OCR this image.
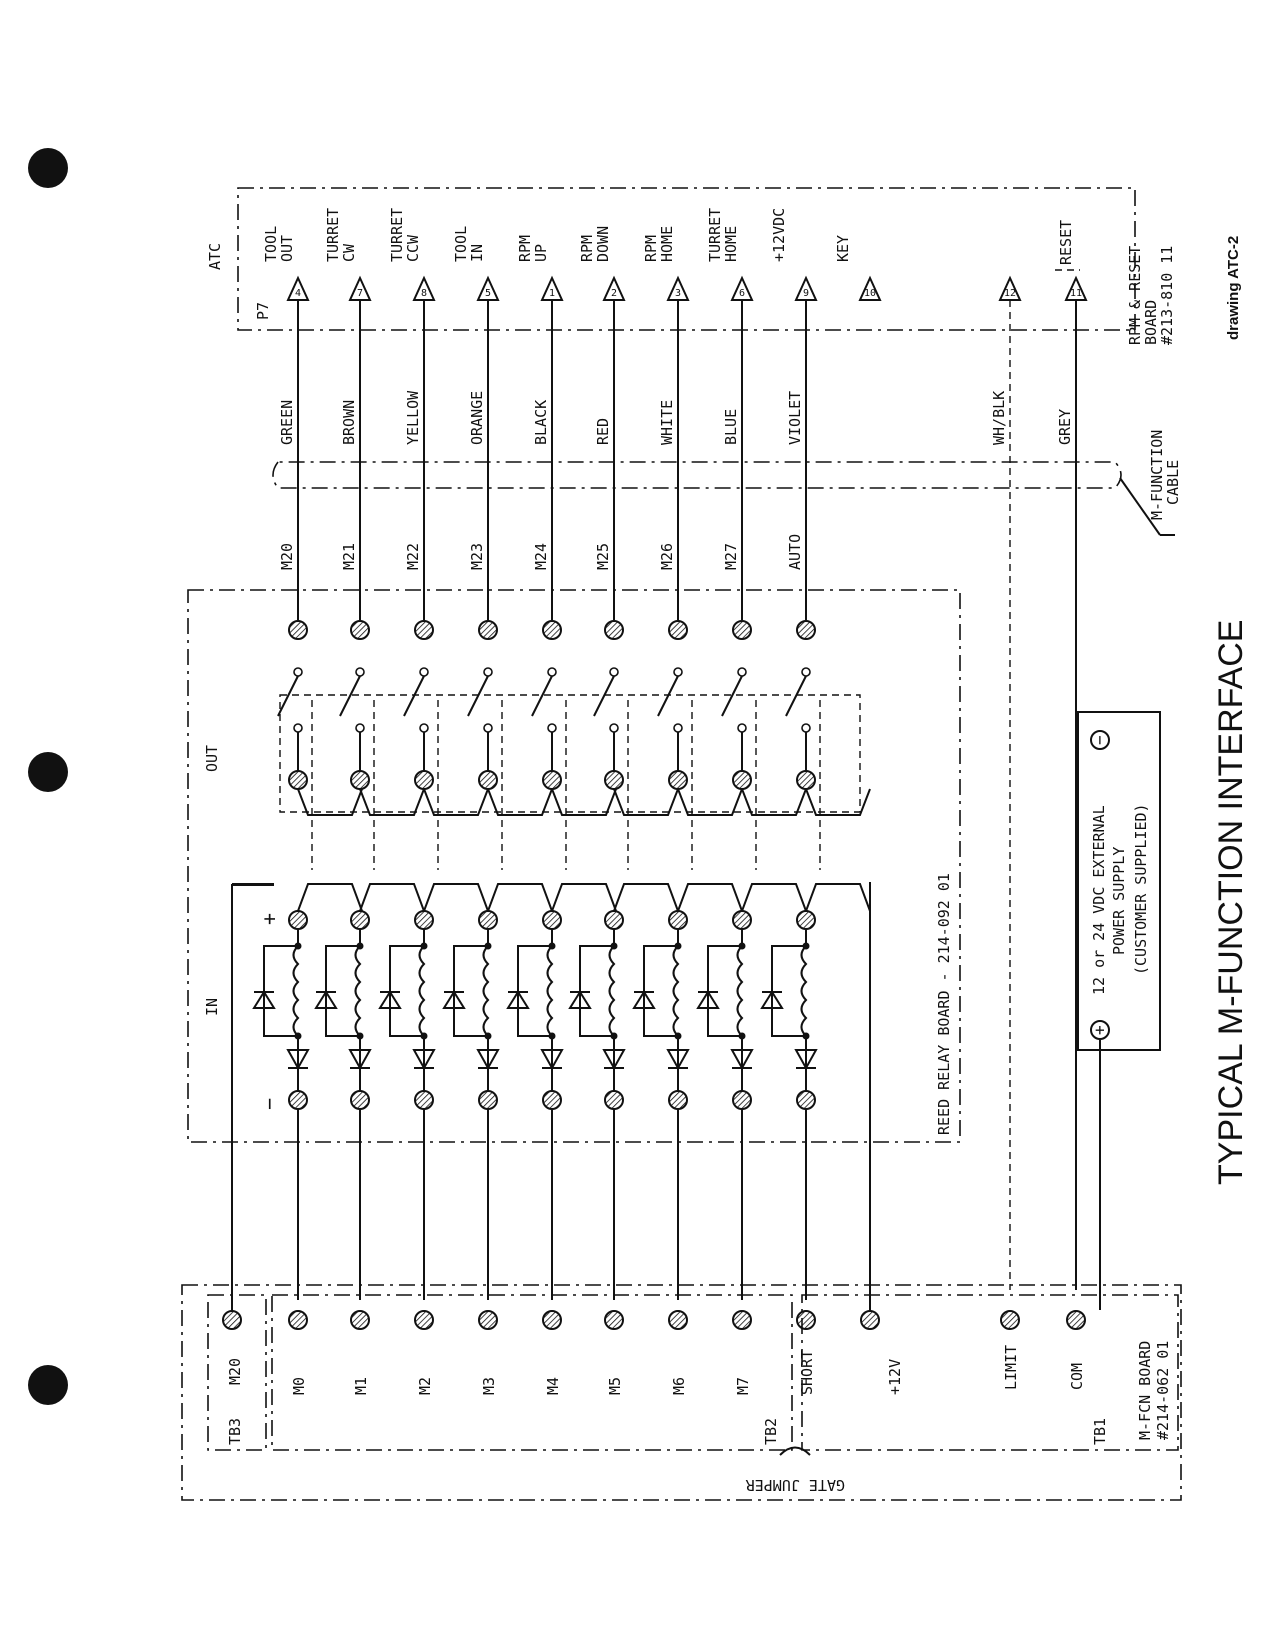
ATC
P7
RESET
RPM & RESET
BOARD
#213-810 11
M-FUNCTION
CABLE
OUT
IN
+
−	REED RELAY BOARD - 214-092 01	12 or 24 VDC EXTERNAL POWER SUPPLY (CUSTOMER SUPPLIED)
+
−
TB3
M20
TB2	TB1
+12V	M-FCN BOARD #214-062 01
GATE JUMPER
TYPICAL M-FUNCTION INTERFACE
drawing ATC-2
4
TOOL
OUT
GREEN
M20
M0
7
TURRET
CW
BROWN
M21
M1
8
TURRET
CCW
YELLOW
M22
M2
5
TOOL
IN
ORANGE
M23
M3
1
RPM
UP
BLACK
M24
M4
2
RPM
DOWN
RED
M25
M5
3
RPM
HOME
WHITE
M26
M6
6
TURRET
HOME
BLUE
M27
M7
9
+12VDC
VIOLET
AUTO
SHORT
10
KEY
12
WH/BLK
LIMIT
11
GREY
COM
